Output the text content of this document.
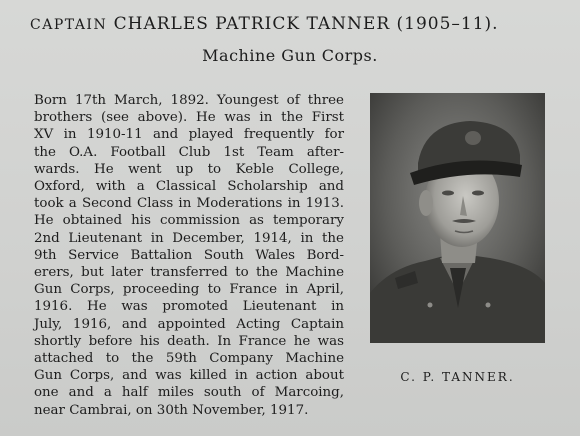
CAPTAIN CHARLES PATRICK TANNER (1905–11).
Machine Gun Corps.
Born 17th March, 1892. Youngest of three
brothers (see above). He was in the First
XV in 1910-11 and played frequently for
the O.A. Football Club 1st Team after-
wards. He went up to Keble College,
Oxford, with a Classical Scholarship and
took a Second Class in Moderations in 1913.
He obtained his commission as temporary
2nd Lieutenant in December, 1914, in the
9th Service Battalion South Wales Bord-
erers, but later transferred to the Machine
Gun Corps, proceeding to France in April,
1916. He was promoted Lieutenant in
July, 1916, and appointed Acting Captain
shortly before his death. In France he was
attached to the 59th Company Machine
Gun Corps, and was killed in action about
one and a half miles south of Marcoing,
near Cambrai, on 30th November, 1917.
C. P. TANNER.
